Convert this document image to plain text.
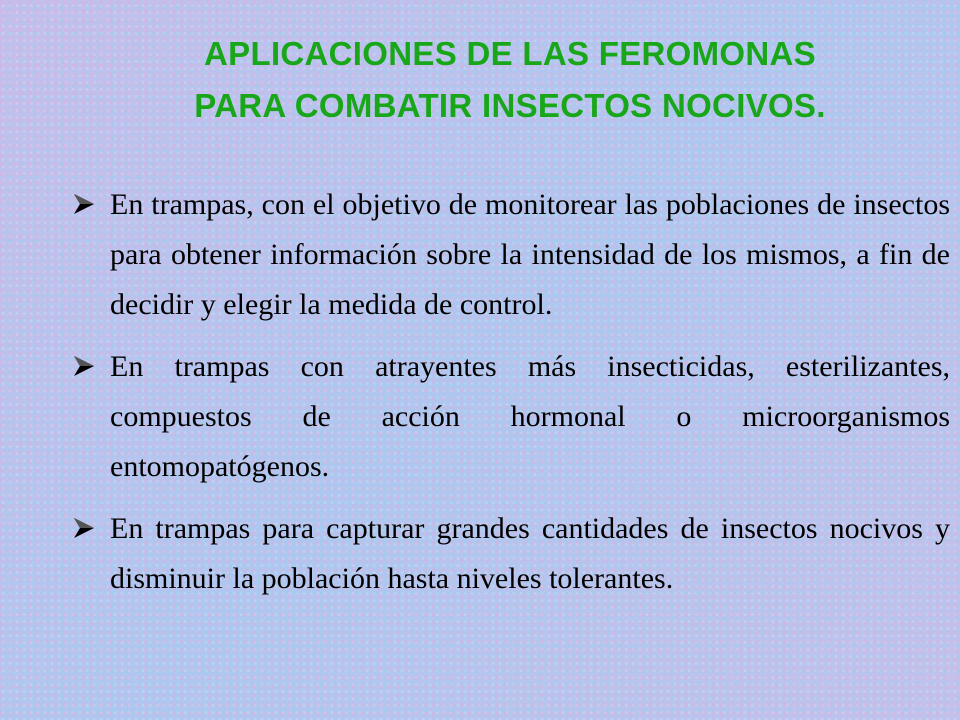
APLICACIONES DE LAS FEROMONAS
PARA COMBATIR INSECTOS NOCIVOS.
En trampas, con el objetivo de monitorear las poblaciones de insectos para obtener información sobre la intensidad de los mismos, a fin de decidir y elegir la medida de control.
En trampas con atrayentes más insecticidas, esterilizantes, compuestos de acción hormonal o microorganismos entomopatógenos.
En trampas para capturar grandes cantidades de insectos nocivos y disminuir la población hasta niveles tolerantes.
